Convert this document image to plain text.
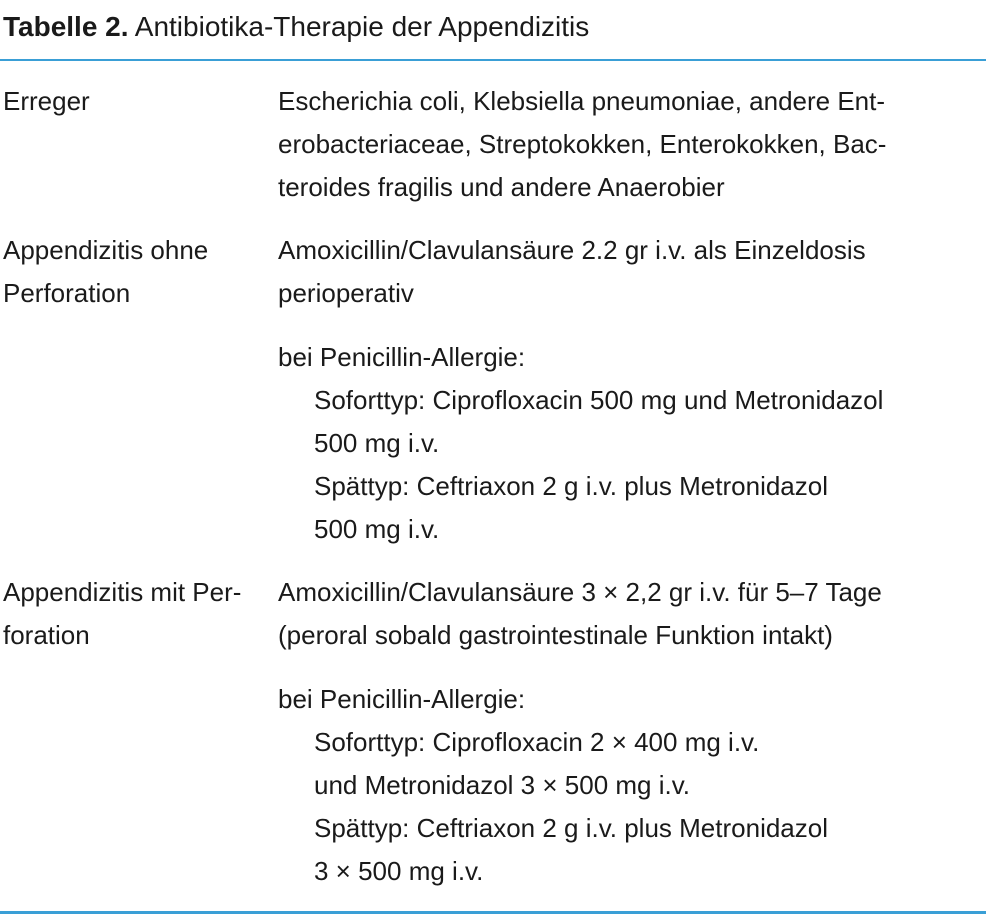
Tabelle 2. Antibiotika-Therapie der Appendizitis
Erreger	Escherichia coli, Klebsiella pneumoniae, andere Ent-
erobacteriaceae, Streptokokken, Enterokokken, Bac-
teroides fragilis und andere Anaerobier
Appendizitis ohne
Perforation
Amoxicillin/Clavulansäure 2.2 gr i.v. als Einzeldosis
perioperativ
bei Penicillin-Allergie:
Soforttyp: Ciprofloxacin 500 mg und Metronidazol
500 mg i.v.
Spättyp: Ceftriaxon 2 g i.v. plus Metronidazol
500 mg i.v.
Appendizitis mit Per-
foration
Amoxicillin/Clavulansäure 3 × 2,2 gr i.v. für 5–7 Tage
(peroral sobald gastrointestinale Funktion intakt)
bei Penicillin-Allergie:
Soforttyp: Ciprofloxacin 2 × 400 mg i.v.
und Metronidazol 3 × 500 mg i.v.
Spättyp: Ceftriaxon 2 g i.v. plus Metronidazol
3 × 500 mg i.v.
